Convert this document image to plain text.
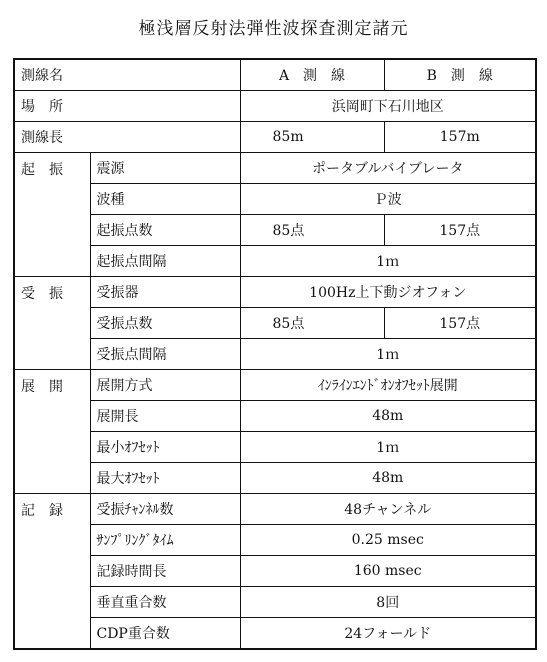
極浅層反射法弾性波探査測定諸元
測線名		A　測　線	B　測　線
場　所		浜岡町下石川地区	
測線長		85m	157m
起　振	震源	ポータブルバイブレータ	
	波種	Ｐ波	
	起振点数	85点	157点
	起振点間隔	1ｍ	
受　振	受振器	100Hz上下動ジオフォン	
	受振点数	85点	157点
	受振点間隔	1ｍ	
展　開	展開方式	ｲﾝﾗｲﾝｴﾝﾄﾞｵﾝｵﾌｾｯﾄ展開	
	展開長	48m	
	最小ｵﾌｾｯﾄ	1ｍ	
	最大ｵﾌｾｯﾄ	48m	
記　録	受振ﾁｬﾝﾈﾙ数	48チャンネル	
	ｻﾝﾌﾟﾘﾝｸﾞﾀｲﾑ	0.25 msec	
	記録時間長	160 msec	
	垂直重合数	8回	
	CDP重合数	24フォールド	
